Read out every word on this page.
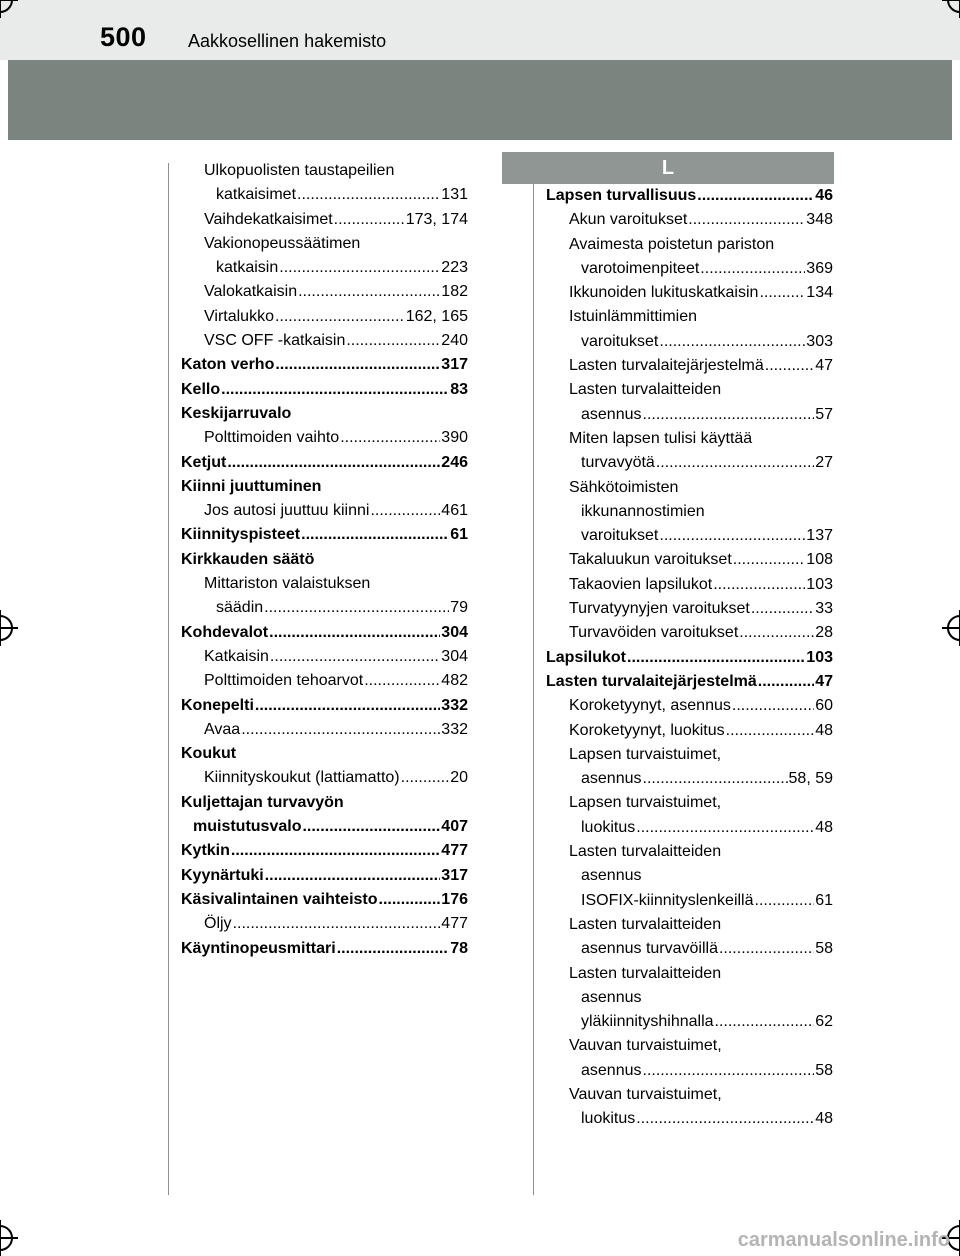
500 Aakkosellinen hakemisto
L
Ulkopuolisten taustapeilien
katkaisimet .....	131
Vaihdekatkaisimet .....	173, 174
Vakionopeussäätimen
katkaisin .....	223
Valokatkaisin .....	182
Virtalukko .....	162, 165
VSC OFF -katkaisin .....	240
Katon verho .....	317
Kello .....	83
Keskijarruvalo
Polttimoiden vaihto .....	390
Ketjut .....	246
Kiinni juuttuminen
Jos autosi juuttuu kiinni .....	461
Kiinnityspisteet .....	61
Kirkkauden säätö
Mittariston valaistuksen
säädin .....	79
Kohdevalot .....	304
Katkaisin .....	304
Polttimoiden tehoarvot .....	482
Konepelti .....	332
Avaa .....	332
Koukut
Kiinnityskoukut (lattiamatto) .....	20
Kuljettajan turvavyön
muistutusvalo .....	407
Kytkin .....	477
Kyynärtuki .....	317
Käsivalintainen vaihteisto .....	176
Öljy .....	477
Käyntinopeusmittari .....	78
Lapsen turvallisuus .....	46
Akun varoitukset .....	348
Avaimesta poistetun pariston
varotoimenpiteet .....	369
Ikkunoiden lukituskatkaisin .....	134
Istuinlämmittimien
varoitukset .....	303
Lasten turvalaitejärjestelmä .....	47
Lasten turvalaitteiden
asennus .....	57
Miten lapsen tulisi käyttää
turvavyötä .....	27
Sähkötoimisten
ikkunannostimien
varoitukset .....	137
Takaluukun varoitukset .....	108
Takaovien lapsilukot .....	103
Turvatyynyjen varoitukset .....	33
Turvavöiden varoitukset .....	28
Lapsilukot .....	103
Lasten turvalaitejärjestelmä .....	47
Koroketyynyt, asennus .....	60
Koroketyynyt, luokitus .....	48
Lapsen turvaistuimet,
asennus .....	58, 59
Lapsen turvaistuimet,
luokitus .....	48
Lasten turvalaitteiden
asennus
ISOFIX-kiinnityslenkeillä .....	61
Lasten turvalaitteiden
asennus turvavöillä .....	58
Lasten turvalaitteiden
asennus
yläkiinnityshihnalla .....	62
Vauvan turvaistuimet,
asennus .....	58
Vauvan turvaistuimet,
luokitus .....	48
carmanualsonline.info
